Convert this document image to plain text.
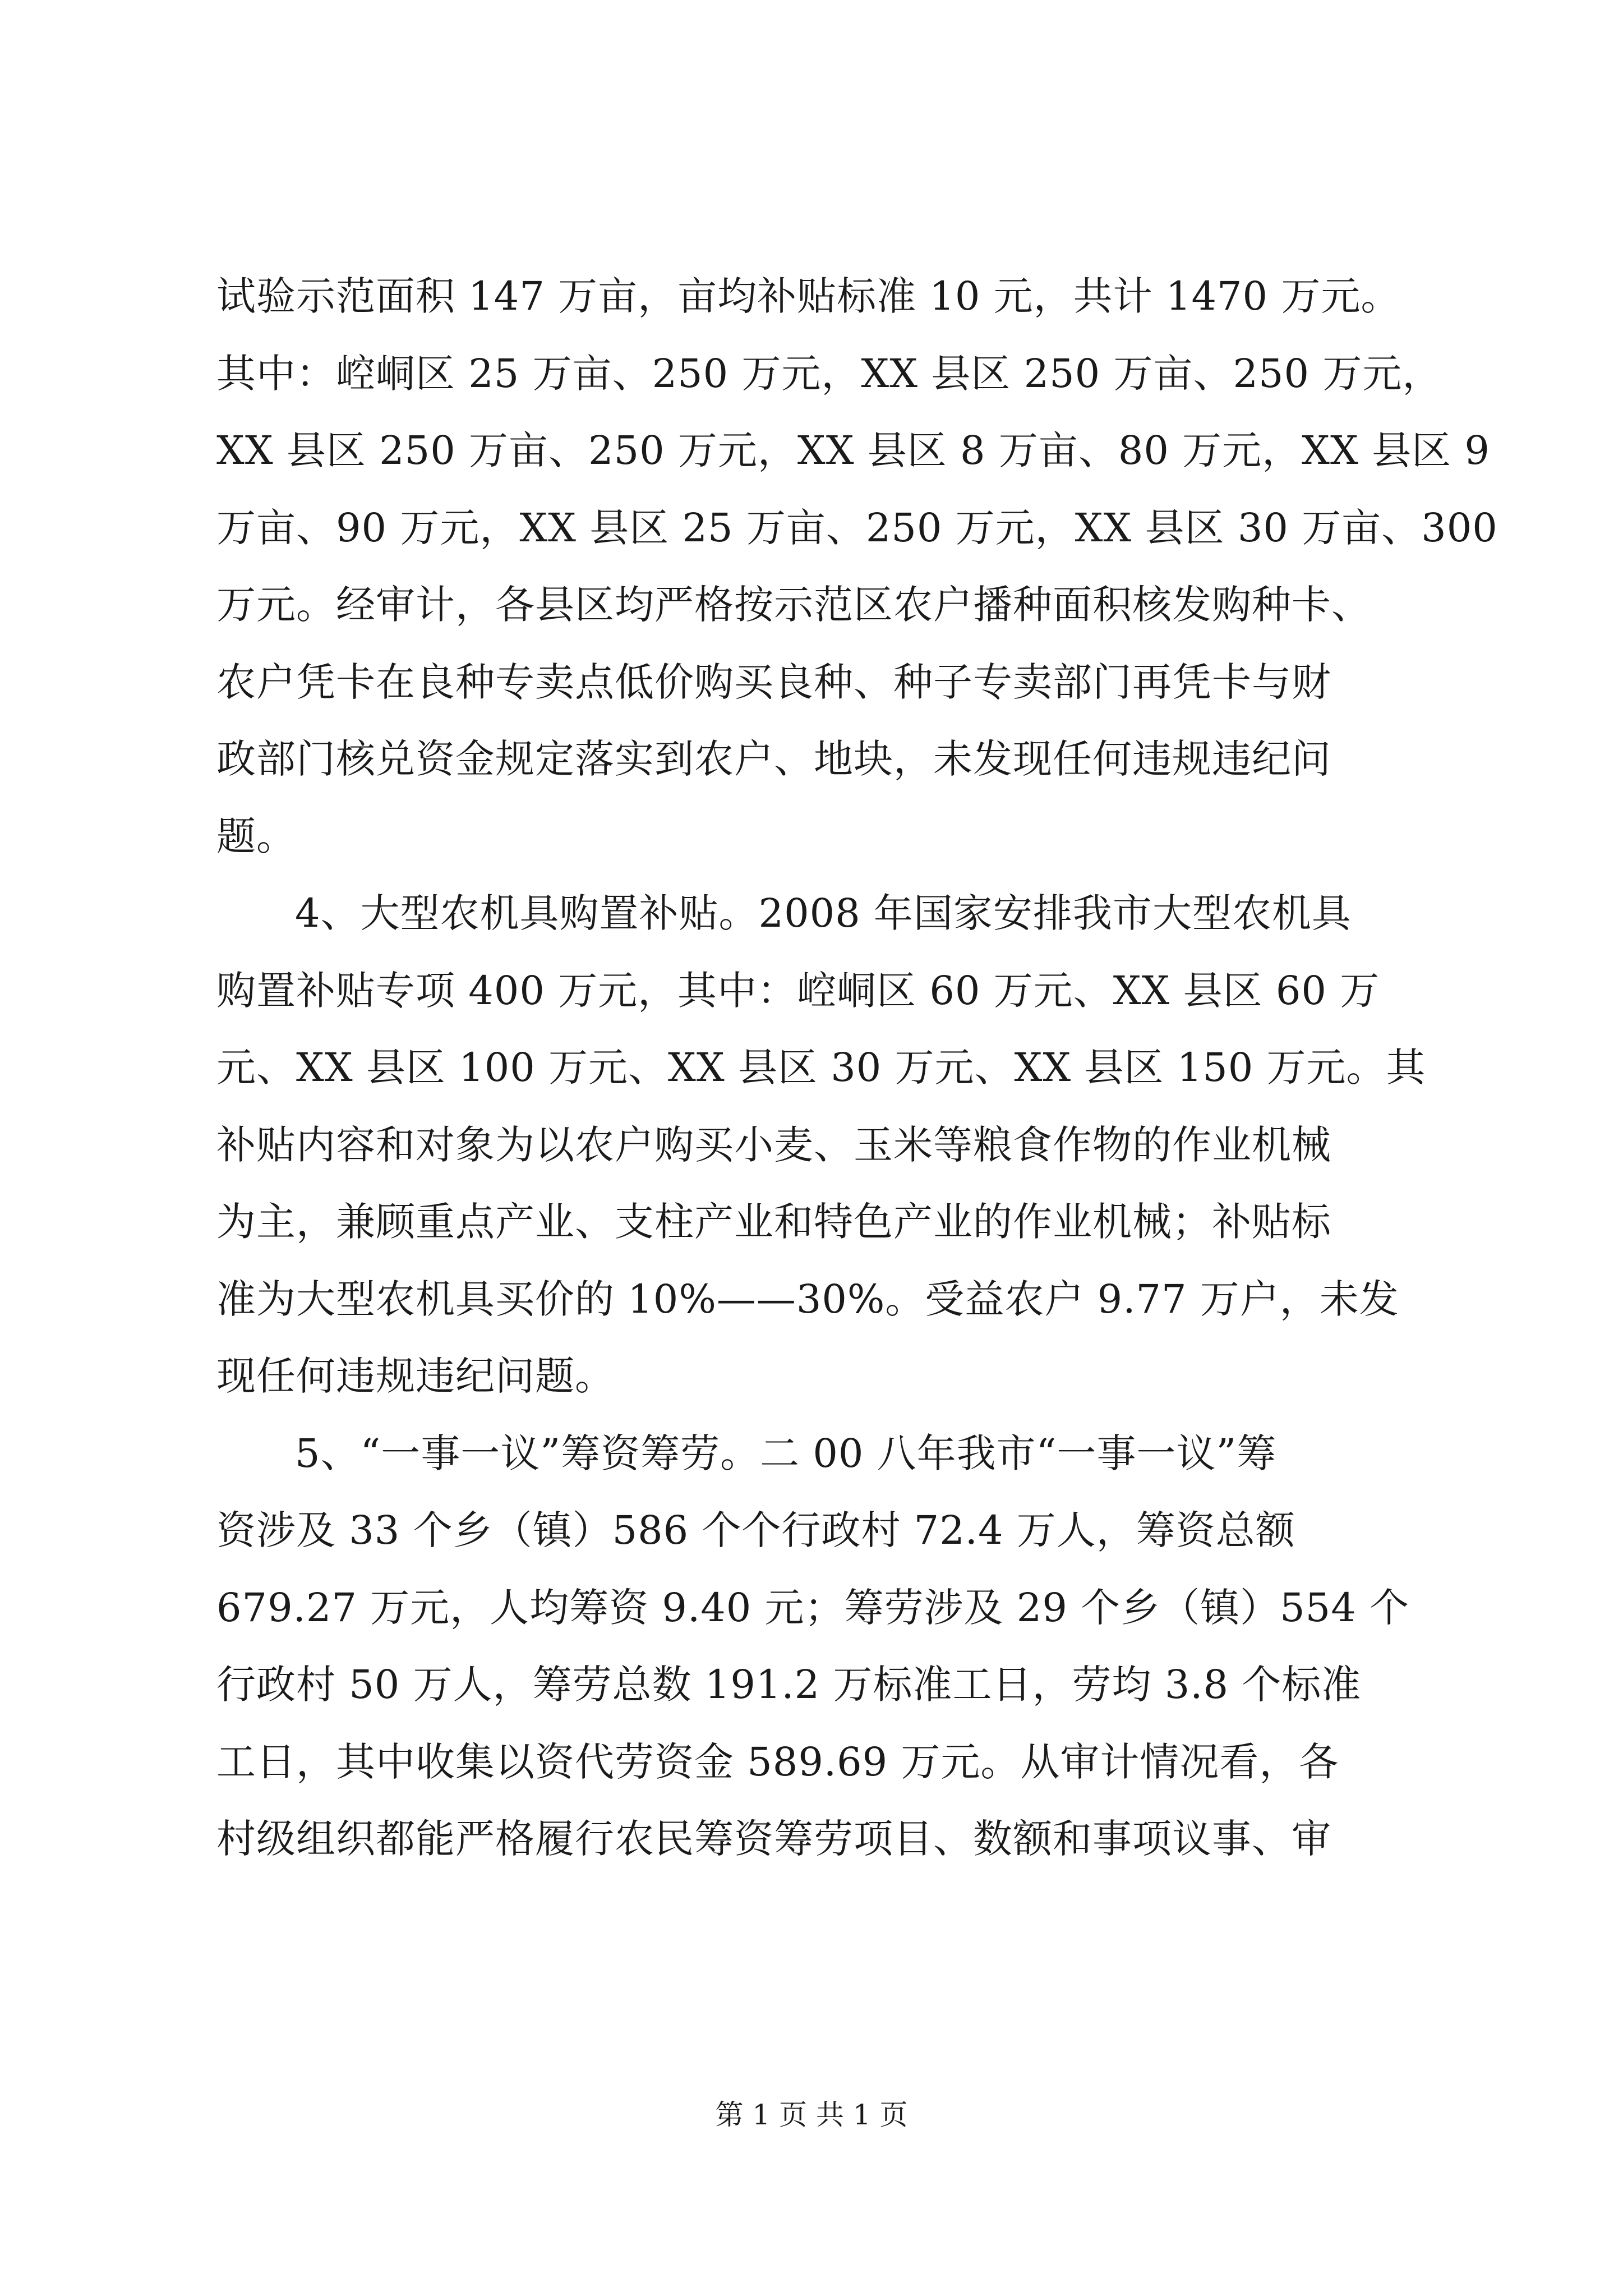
试验示范面积 147 万亩，亩均补贴标准 10 元，共计 1470 万元。
其中：崆峒区 25 万亩、250 万元，XX 县区 250 万亩、250 万元，
XX 县区 250 万亩、250 万元，XX 县区 8 万亩、80 万元，XX 县区 9
万亩、90 万元，XX 县区 25 万亩、250 万元，XX 县区 30 万亩、300
万元。经审计，各县区均严格按示范区农户播种面积核发购种卡、
农户凭卡在良种专卖点低价购买良种、种子专卖部门再凭卡与财
政部门核兑资金规定落实到农户、地块，未发现任何违规违纪问
题。
4、大型农机具购置补贴。2008 年国家安排我市大型农机具
购置补贴专项 400 万元，其中：崆峒区 60 万元、XX 县区 60 万
元、XX 县区 100 万元、XX 县区 30 万元、XX 县区 150 万元。其
补贴内容和对象为以农户购买小麦、玉米等粮食作物的作业机械
为主，兼顾重点产业、支柱产业和特色产业的作业机械；补贴标
准为大型农机具买价的 10%——30%。受益农户 9.77 万户，未发
现任何违规违纪问题。
5、“一事一议”筹资筹劳。二 00 八年我市“一事一议”筹
资涉及 33 个乡（镇）586 个个行政村 72.4 万人，筹资总额
679.27 万元，人均筹资 9.40 元；筹劳涉及 29 个乡（镇）554 个
行政村 50 万人，筹劳总数 191.2 万标准工日，劳均 3.8 个标准
工日，其中收集以资代劳资金 589.69 万元。从审计情况看，各
村级组织都能严格履行农民筹资筹劳项目、数额和事项议事、审
第 1 页 共 1 页
